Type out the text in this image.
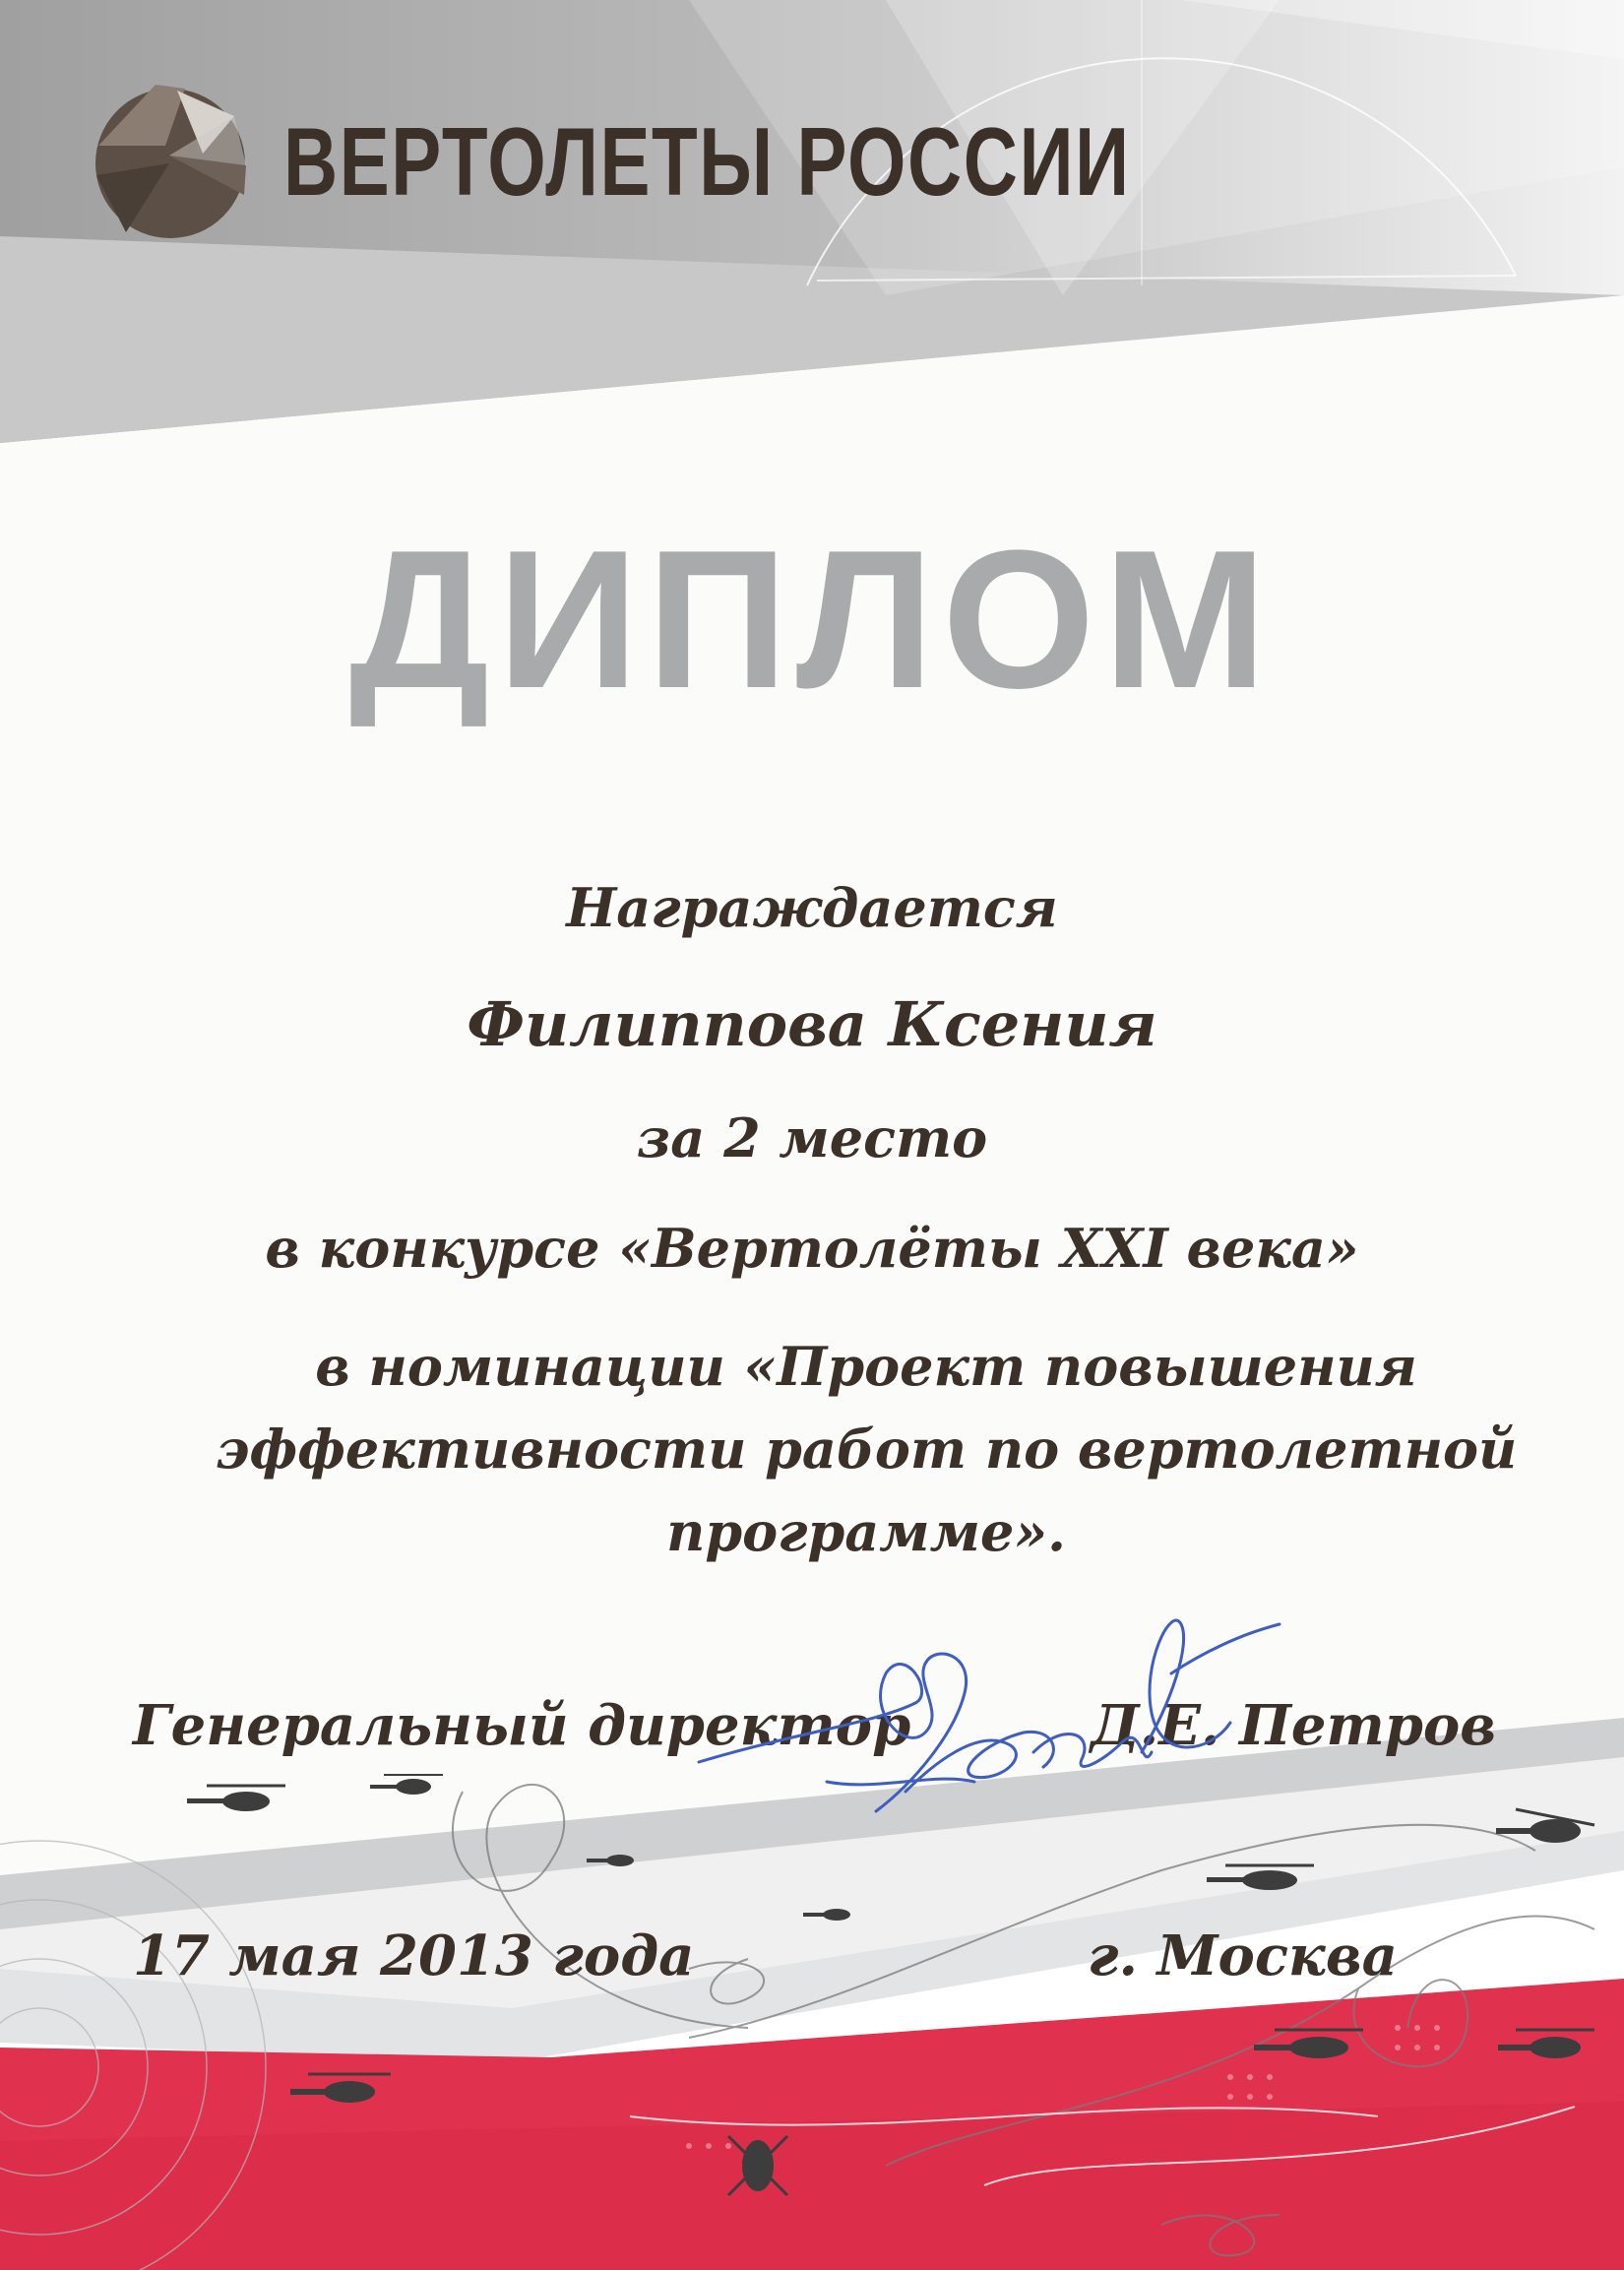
ВЕРТОЛЕТЫ РОССИИ
ДИПЛОМ
Награждается
Филиппова Ксения
за 2 место
в конкурсе «Вертолёты XXI века»
в номинации «Проект повышения
эффективности работ по вертолетной
программе».
Генеральный директор	Д.Е. Петров
17 мая 2013 года	г. Москва
